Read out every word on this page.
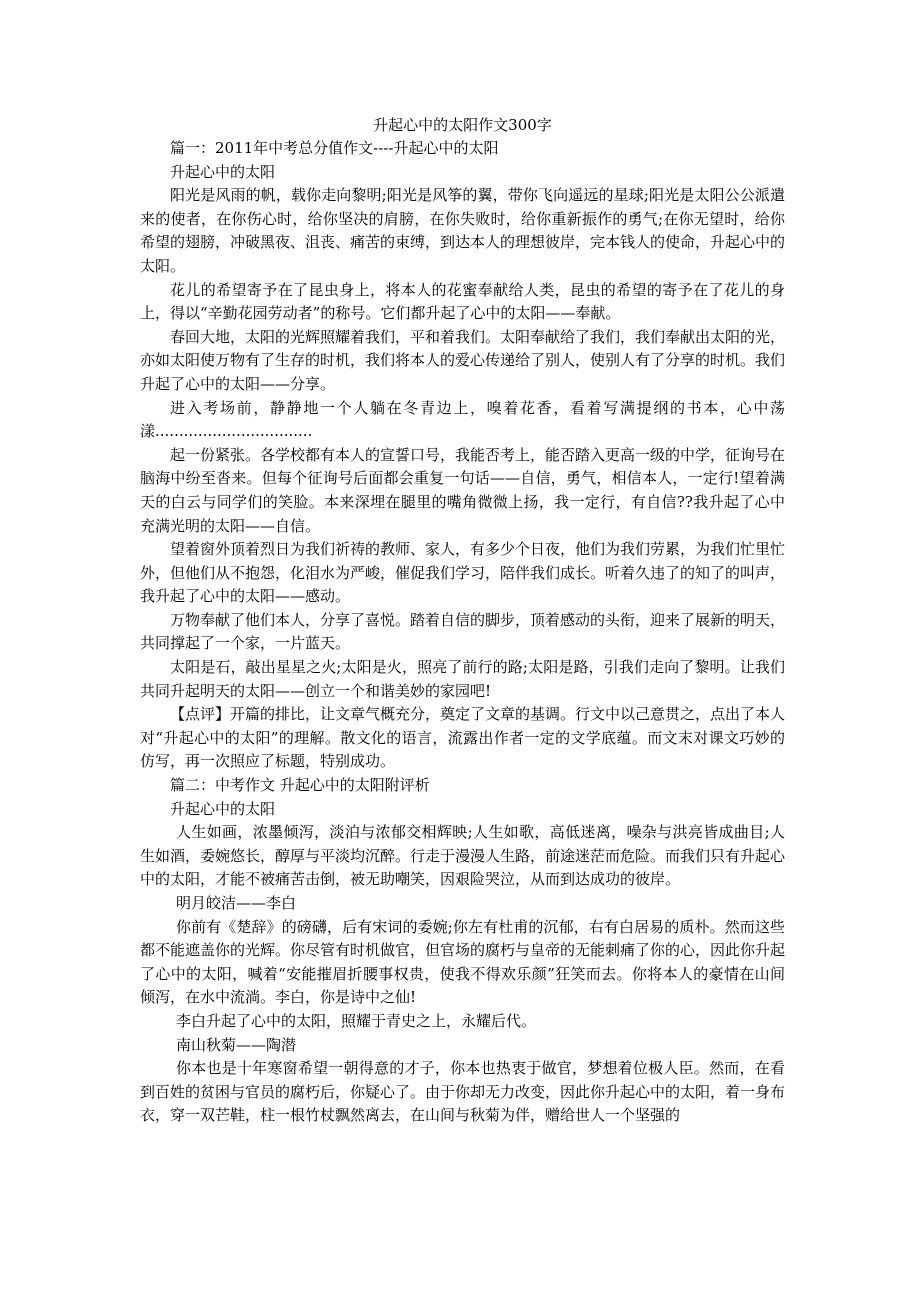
升起心中的太阳作文300字

篇一：2011年中考总分值作文----升起心中的太阳

升起心中的太阳

阳光是风雨的帆，载你走向黎明;阳光是风筝的翼，带你飞向遥远的星球;阳光是太阳公公派遣来的使者，在你伤心时，给你坚决的肩膀，在你失败时，给你重新振作的勇气;在你无望时，给你希望的翅膀，冲破黑夜、沮丧、痛苦的束缚，到达本人的理想彼岸，完本钱人的使命，升起心中的太阳。

花儿的希望寄予在了昆虫身上，将本人的花蜜奉献给人类，昆虫的希望的寄予在了花儿的身上，得以“辛勤花园劳动者”的称号。它们都升起了心中的太阳——奉献。

春回大地，太阳的光辉照耀着我们，平和着我们。太阳奉献给了我们，我们奉献出太阳的光，亦如太阳使万物有了生存的时机，我们将本人的爱心传递给了别人，使别人有了分享的时机。我们升起了心中的太阳——分享。

进入考场前，静静地一个人躺在冬青边上，嗅着花香，看着写满提纲的书本，心中荡漾.................................

起一份紧张。各学校都有本人的宣誓口号，我能否考上，能否踏入更高一级的中学，征询号在脑海中纷至沓来。但每个征询号后面都会重复一句话——自信，勇气，相信本人，一定行!望着满天的白云与同学们的笑脸。本来深埋在腿里的嘴角微微上扬，我一定行，有自信??我升起了心中充满光明的太阳——自信。

望着窗外顶着烈日为我们祈祷的教师、家人，有多少个日夜，他们为我们劳累，为我们忙里忙外，但他们从不抱怨，化泪水为严峻，催促我们学习，陪伴我们成长。听着久违了的知了的叫声，我升起了心中的太阳——感动。

万物奉献了他们本人，分享了喜悦。踏着自信的脚步，顶着感动的头衔，迎来了展新的明天，共同撑起了一个家，一片蓝天。

太阳是石，敲出星星之火;太阳是火，照亮了前行的路;太阳是路，引我们走向了黎明。让我们共同升起明天的太阳——创立一个和谐美妙的家园吧!

【点评】开篇的排比，让文章气概充分，奠定了文章的基调。行文中以己意贯之，点出了本人对“升起心中的太阳”的理解。散文化的语言，流露出作者一定的文学底蕴。而文末对课文巧妙的仿写，再一次照应了标题，特别成功。

篇二：中考作文 升起心中的太阳附评析

升起心中的太阳

人生如画，浓墨倾泻，淡泊与浓郁交相辉映;人生如歌，高低迷离，噪杂与洪亮皆成曲目;人生如酒，委婉悠长，醇厚与平淡均沉醉。行走于漫漫人生路，前途迷茫而危险。而我们只有升起心中的太阳，才能不被痛苦击倒，被无助嘲笑，因艰险哭泣，从而到达成功的彼岸。

明月皎洁——李白

你前有《楚辞》的磅礴，后有宋词的委婉;你左有杜甫的沉郁，右有白居易的质朴。然而这些都不能遮盖你的光辉。你尽管有时机做官，但官场的腐朽与皇帝的无能刺痛了你的心，因此你升起了心中的太阳，喊着“安能摧眉折腰事权贵，使我不得欢乐颜”狂笑而去。你将本人的豪情在山间倾泻，在水中流淌。李白，你是诗中之仙!

李白升起了心中的太阳，照耀于青史之上，永耀后代。

南山秋菊——陶潜

你本也是十年寒窗希望一朝得意的才子，你本也热衷于做官，梦想着位极人臣。然而，在看到百姓的贫困与官员的腐朽后，你疑心了。由于你却无力改变，因此你升起心中的太阳，着一身布衣，穿一双芒鞋，柱一根竹杖飘然离去，在山间与秋菊为伴，赠给世人一个坚强的
